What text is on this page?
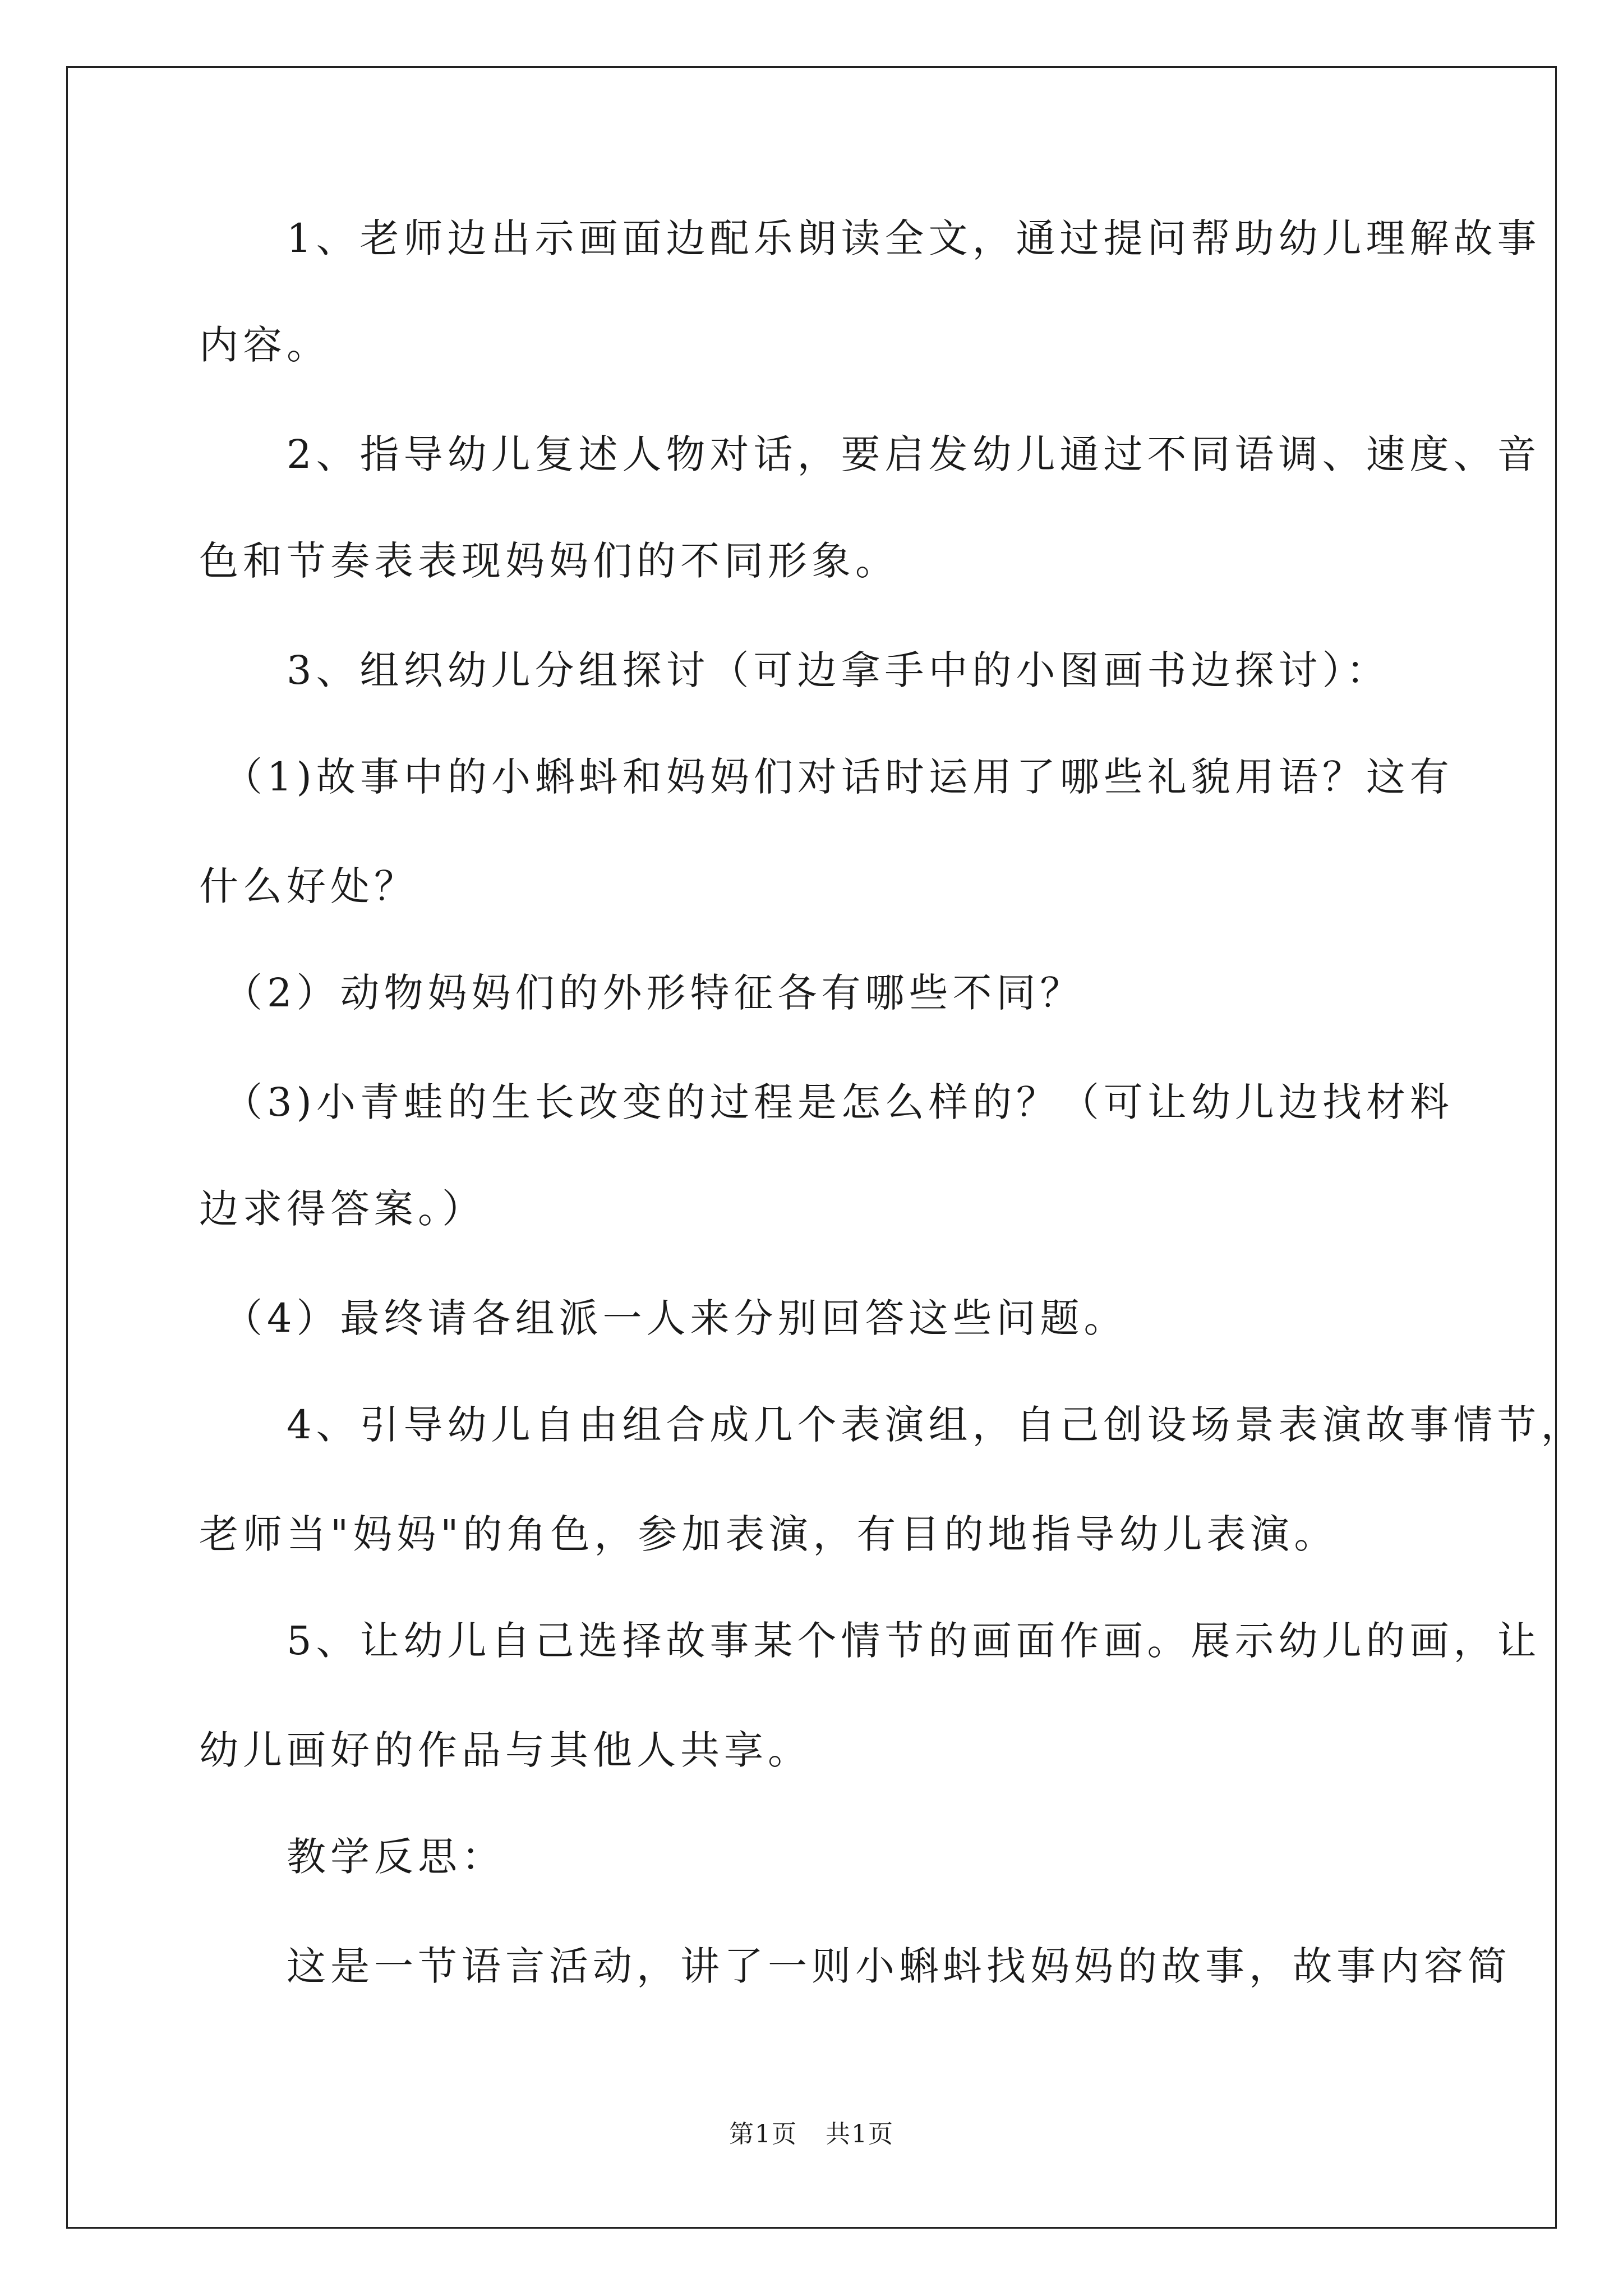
　　1、老师边出示画面边配乐朗读全文，通过提问帮助幼儿理解故事
内容。
　　2、指导幼儿复述人物对话，要启发幼儿通过不同语调、速度、音
色和节奏表表现妈妈们的不同形象。
　　3、组织幼儿分组探讨（可边拿手中的小图画书边探讨）：
　（1)故事中的小蝌蚪和妈妈们对话时运用了哪些礼貌用语？这有
什么好处？
　（2）动物妈妈们的外形特征各有哪些不同？
　（3)小青蛙的生长改变的过程是怎么样的？（可让幼儿边找材料
边求得答案。）
　（4）最终请各组派一人来分别回答这些问题。
　　4、引导幼儿自由组合成几个表演组，自己创设场景表演故事情节，
老师当"妈妈"的角色，参加表演，有目的地指导幼儿表演。
　　5、让幼儿自己选择故事某个情节的画面作画。展示幼儿的画，让
幼儿画好的作品与其他人共享。
　　教学反思：
　　这是一节语言活动，讲了一则小蝌蚪找妈妈的故事，故事内容简
第1页 共1页
